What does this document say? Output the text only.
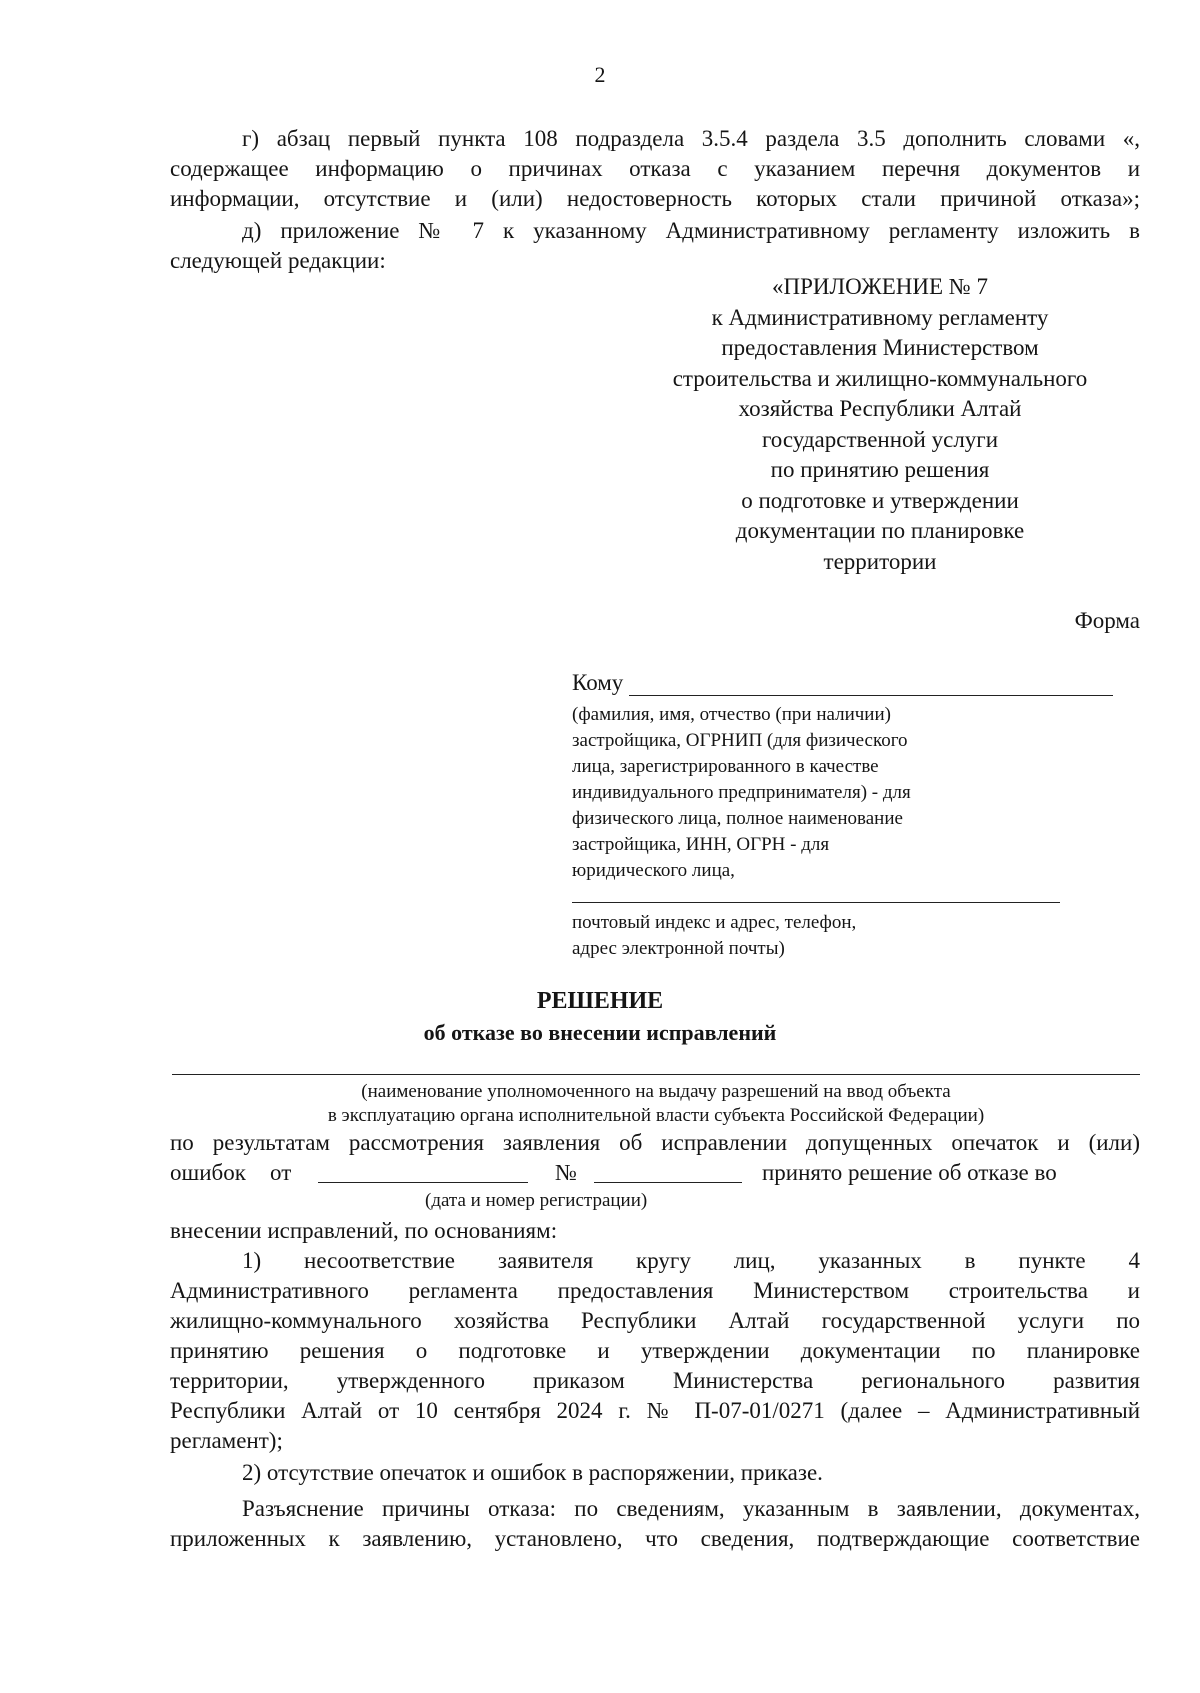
2

г) абзац первый пункта 108 подраздела 3.5.4 раздела 3.5 дополнить словами «,

содержащее информацию о причинах отказа с указанием перечня документов и

информации, отсутствие и (или) недостоверность которых стали причиной отказа»;

д) приложение № 7 к указанному Административному регламенту изложить в

следующей редакции:

«ПРИЛОЖЕНИЕ № 7
к Административному регламенту
предоставления Министерством
строительства и жилищно-коммунального
хозяйства Республики Алтай
государственной услуги
по принятию решения
о подготовке и утверждении
документации по планировке
территории
Форма
Кому
(фамилия, имя, отчество (при наличии)
застройщика, ОГРНИП (для физического
лица, зарегистрированного в качестве
индивидуального предпринимателя) - для
физического лица, полное наименование
застройщика, ИНН, ОГРН - для
юридического лица,
почтовый индекс и адрес, телефон,
адрес электронной почты)
РЕШЕНИЕ
об отказе во внесении исправлений
(наименование уполномоченного на выдачу разрешений на ввод объекта
в эксплуатацию органа исполнительной власти субъекта Российской Федерации)

по результатам рассмотрения заявления об исправлении допущенных опечаток и (или)

ошибок от	№	принято решение об отказе во
(дата и номер регистрации)

внесении исправлений, по основаниям:

1) несоответствие заявителя кругу лиц, указанных в пункте 4

Административного регламента предоставления Министерством строительства и

жилищно-коммунального хозяйства Республики Алтай государственной услуги по

принятию решения о подготовке и утверждении документации по планировке

территории, утвержденного приказом Министерства регионального развития

Республики Алтай от 10 сентября 2024 г. № П-07-01/0271 (далее – Административный

регламент);

2) отсутствие опечаток и ошибок в распоряжении, приказе.

Разъяснение причины отказа: по сведениям, указанным в заявлении, документах,

приложенных к заявлению, установлено, что сведения, подтверждающие соответствие
